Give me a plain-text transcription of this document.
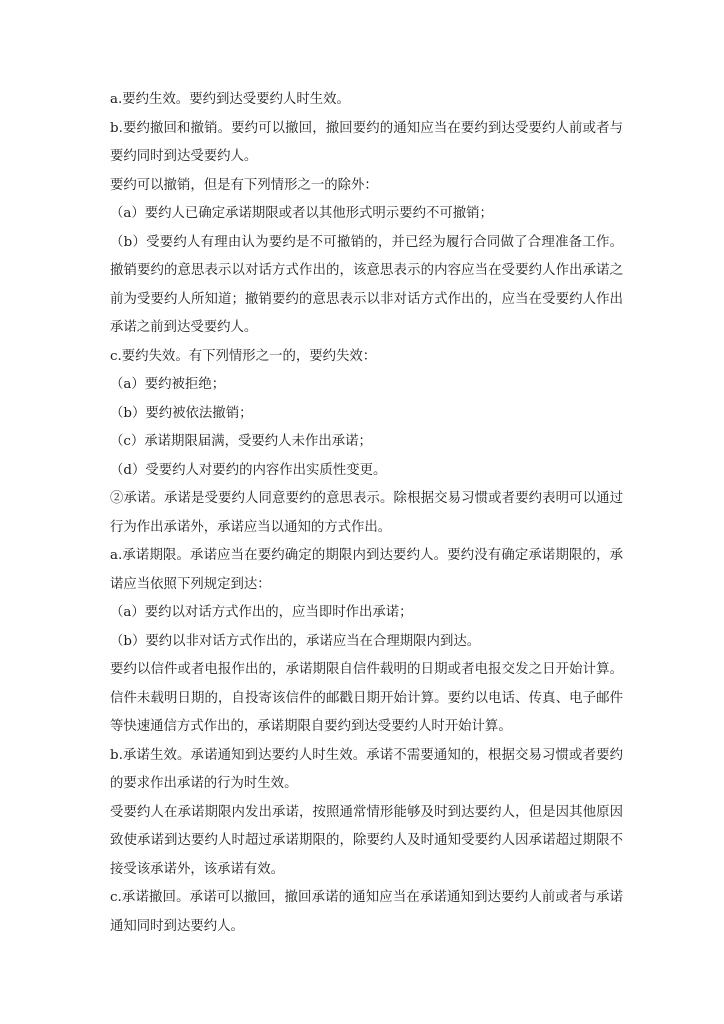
a.要约生效。要约到达受要约人时生效。

b.要约撤回和撤销。要约可以撤回，撤回要约的通知应当在要约到达受要约人前或者与要约同时到达受要约人。

要约可以撤销，但是有下列情形之一的除外：

（a）要约人已确定承诺期限或者以其他形式明示要约不可撤销；

（b）受要约人有理由认为要约是不可撤销的，并已经为履行合同做了合理准备工作。撤销要约的意思表示以对话方式作出的，该意思表示的内容应当在受要约人作出承诺之前为受要约人所知道；撤销要约的意思表示以非对话方式作出的，应当在受要约人作出承诺之前到达受要约人。

c.要约失效。有下列情形之一的，要约失效：

（a）要约被拒绝；

（b）要约被依法撤销；

（c）承诺期限届满，受要约人未作出承诺；

（d）受要约人对要约的内容作出实质性变更。

②承诺。承诺是受要约人同意要约的意思表示。除根据交易习惯或者要约表明可以通过行为作出承诺外，承诺应当以通知的方式作出。

a.承诺期限。承诺应当在要约确定的期限内到达要约人。要约没有确定承诺期限的，承诺应当依照下列规定到达：

（a）要约以对话方式作出的，应当即时作出承诺；

（b）要约以非对话方式作出的，承诺应当在合理期限内到达。

要约以信件或者电报作出的，承诺期限自信件载明的日期或者电报交发之日开始计算。信件未载明日期的，自投寄该信件的邮戳日期开始计算。要约以电话、传真、电子邮件等快速通信方式作出的，承诺期限自要约到达受要约人时开始计算。

b.承诺生效。承诺通知到达要约人时生效。承诺不需要通知的，根据交易习惯或者要约的要求作出承诺的行为时生效。

受要约人在承诺期限内发出承诺，按照通常情形能够及时到达要约人，但是因其他原因致使承诺到达要约人时超过承诺期限的，除要约人及时通知受要约人因承诺超过期限不接受该承诺外，该承诺有效。

c.承诺撤回。承诺可以撤回，撤回承诺的通知应当在承诺通知到达要约人前或者与承诺通知同时到达要约人。
